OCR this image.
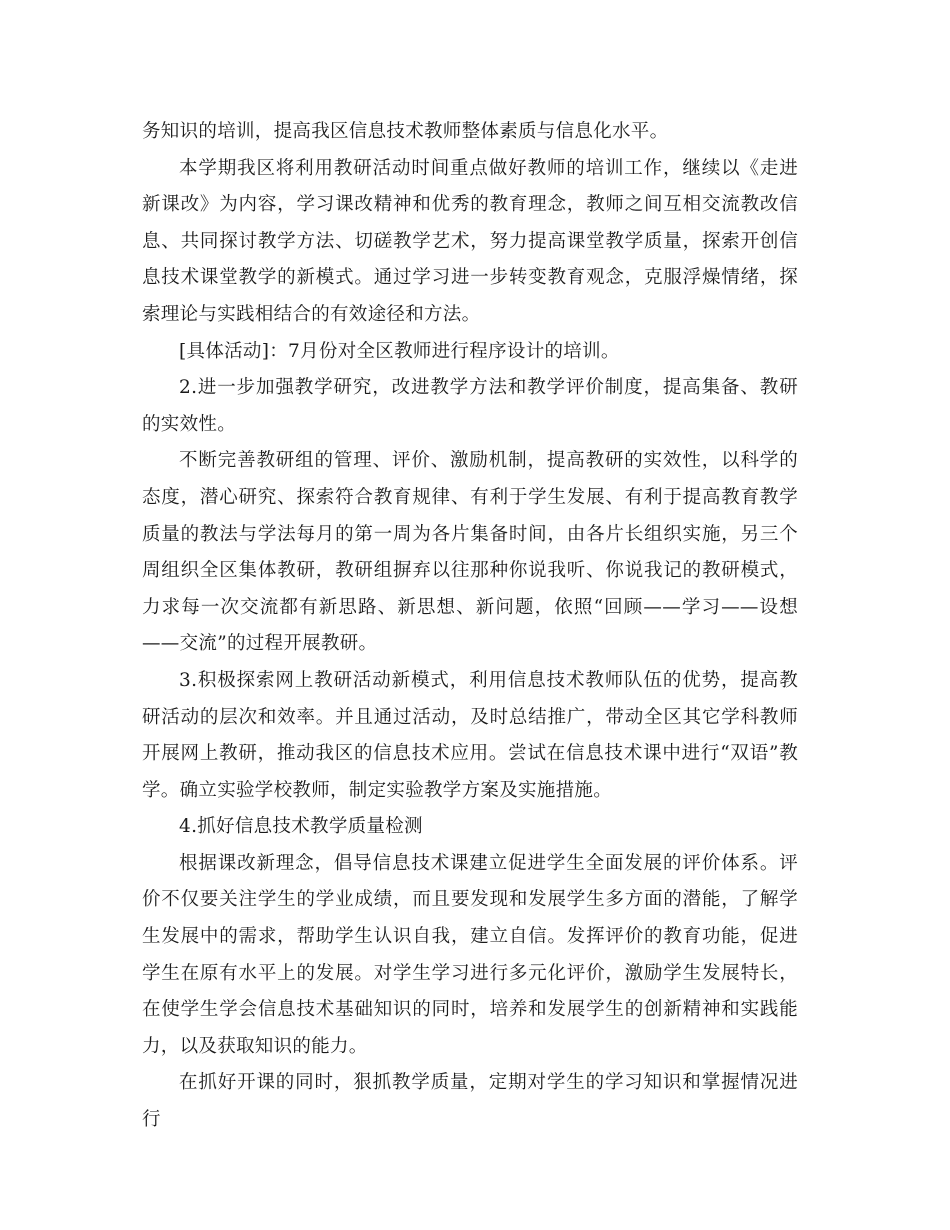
务知识的培训，提高我区信息技术教师整体素质与信息化水平。

本学期我区将利用教研活动时间重点做好教师的培训工作，继续以《走进新课改》为内容，学习课改精神和优秀的教育理念，教师之间互相交流教改信息、共同探讨教学方法、切磋教学艺术，努力提高课堂教学质量，探索开创信息技术课堂教学的新模式。通过学习进一步转变教育观念，克服浮燥情绪，探索理论与实践相结合的有效途径和方法。

[具体活动]：7月份对全区教师进行程序设计的培训。

2.进一步加强教学研究，改进教学方法和教学评价制度，提高集备、教研的实效性。

不断完善教研组的管理、评价、激励机制，提高教研的实效性，以科学的态度，潜心研究、探索符合教育规律、有利于学生发展、有利于提高教育教学质量的教法与学法每月的第一周为各片集备时间，由各片长组织实施，另三个周组织全区集体教研，教研组摒弃以往那种你说我听、你说我记的教研模式，力求每一次交流都有新思路、新思想、新问题，依照“回顾——学习——设想——交流”的过程开展教研。

3.积极探索网上教研活动新模式，利用信息技术教师队伍的优势，提高教研活动的层次和效率。并且通过活动，及时总结推广，带动全区其它学科教师开展网上教研，推动我区的信息技术应用。尝试在信息技术课中进行“双语”教学。确立实验学校教师，制定实验教学方案及实施措施。

4.抓好信息技术教学质量检测

根据课改新理念，倡导信息技术课建立促进学生全面发展的评价体系。评价不仅要关注学生的学业成绩，而且要发现和发展学生多方面的潜能，了解学生发展中的需求，帮助学生认识自我，建立自信。发挥评价的教育功能，促进学生在原有水平上的发展。对学生学习进行多元化评价，激励学生发展特长，在使学生学会信息技术基础知识的同时，培养和发展学生的创新精神和实践能力，以及获取知识的能力。

在抓好开课的同时，狠抓教学质量，定期对学生的学习知识和掌握情况进行
